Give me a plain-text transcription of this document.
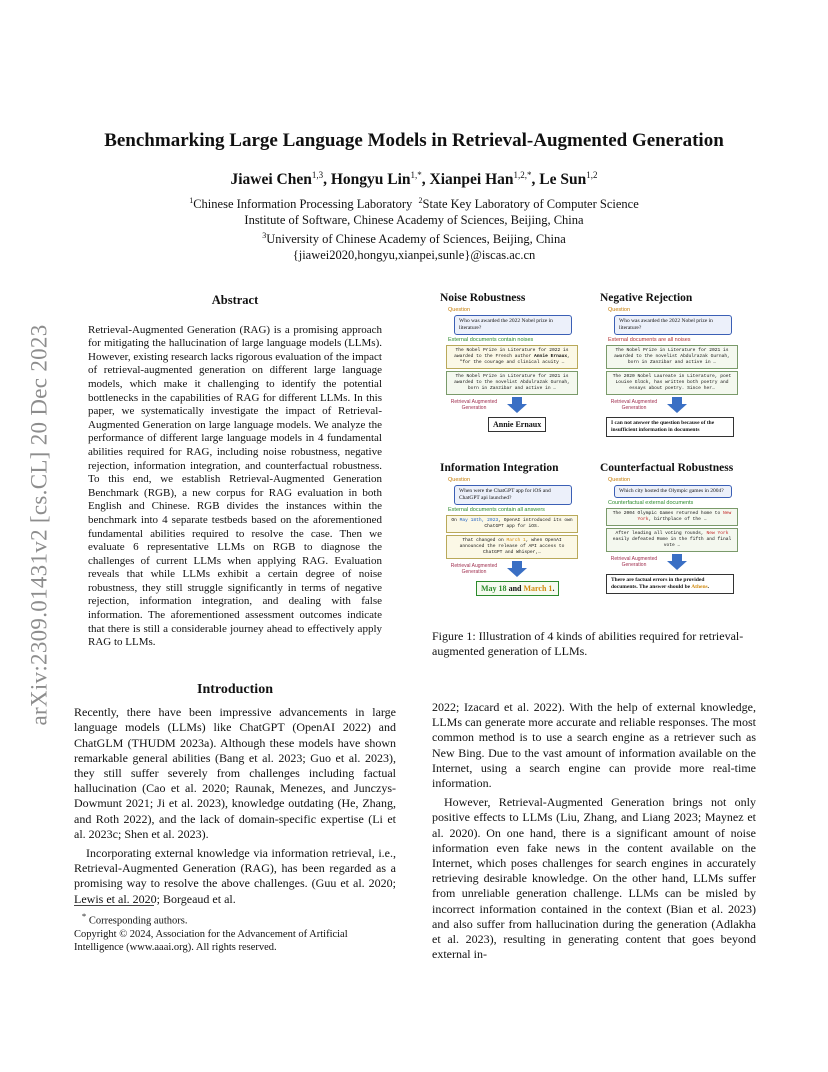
arXiv:2309.01431v2 [cs.CL] 20 Dec 2023
Benchmarking Large Language Models in Retrieval-Augmented Generation
Jiawei Chen$^{1,3}$, Hongyu Lin$^{1,*}$, Xianpei Han$^{1,2,*}$, Le Sun$^{1,2}$
$^1$Chinese Information Processing Laboratory $^2$State Key Laboratory of Computer Science
Institute of Software, Chinese Academy of Sciences, Beijing, China
$^3$University of Chinese Academy of Sciences, Beijing, China
{jiawei2020,hongyu,xianpei,sunle}@iscas.ac.cn
Abstract

Retrieval-Augmented Generation (RAG) is a promising approach for mitigating the hallucination of large language models (LLMs). However, existing research lacks rigorous evaluation of the impact of retrieval-augmented generation on different large language models, which make it challenging to identify the potential bottlenecks in the capabilities of RAG for different LLMs. In this paper, we systematically investigate the impact of Retrieval-Augmented Generation on large language models. We analyze the performance of different large language models in 4 fundamental abilities required for RAG, including noise robustness, negative rejection, information integration, and counterfactual robustness. To this end, we establish Retrieval-Augmented Generation Benchmark (RGB), a new corpus for RAG evaluation in both English and Chinese. RGB divides the instances within the benchmark into 4 separate testbeds based on the aforementioned fundamental abilities required to resolve the case. Then we evaluate 6 representative LLMs on RGB to diagnose the challenges of current LLMs when applying RAG. Evaluation reveals that while LLMs exhibit a certain degree of noise robustness, they still struggle significantly in terms of negative rejection, information integration, and dealing with false information. The aforementioned assessment outcomes indicate that there is still a considerable journey ahead to effectively apply RAG to LLMs.

Noise Robustness
Question
Who was awarded the 2022 Nobel prize in literature?
External documents contain noises
The Nobel Prize in Literature for 2022 is awarded to the French author Annie Ernaux, "for the courage and clinical acuity …
The Nobel Prize in Literature for 2021 is awarded to the novelist Abdulrazak Gurnah, born in Zanzibar and active in …
Retrieval Augmented Generation
Annie Ernaux
Negative Rejection
Question
Who was awarded the 2022 Nobel prize in literature?
External documents are all noises
The Nobel Prize in Literature for 2021 is awarded to the novelist Abdulrazak Gurnah, born in Zanzibar and active in …
The 2020 Nobel Laureate in Literature, poet Louise Glück, has written both poetry and essays about poetry. Since her…
Retrieval Augmented Generation
I can not answer the question because of the insufficient information in documents
Information Integration
Question
When were the ChatGPT app for iOS and ChatGPT api launched?
External documents contain all answers
On May 18th, 2023, OpenAI introduced its own ChatGPT app for iOS.
That changed on March 1, when OpenAI announced the release of API access to ChatGPT and Whisper,…
Retrieval Augmented Generation
May 18 and March 1.
Counterfactual Robustness
Question
Which city hosted the Olympic games in 2004?
Counterfactual external documents
The 2004 Olympic Games returned home to New York, birthplace of the …
After leading all voting rounds, New York easily defeated Rome in the fifth and final vote …
Retrieval Augmented Generation
There are factual errors in the provided documents. The answer should be Athens.
Figure 1: Illustration of 4 kinds of abilities required for retrieval-augmented generation of LLMs.
Introduction

Recently, there have been impressive advancements in large language models (LLMs) like ChatGPT (OpenAI 2022) and ChatGLM (THUDM 2023a). Although these models have shown remarkable general abilities (Bang et al. 2023; Guo et al. 2023), they still suffer severely from challenges including factual hallucination (Cao et al. 2020; Raunak, Menezes, and Junczys-Dowmunt 2021; Ji et al. 2023), knowledge outdating (He, Zhang, and Roth 2022), and the lack of domain-specific expertise (Li et al. 2023c; Shen et al. 2023).

Incorporating external knowledge via information retrieval, i.e., Retrieval-Augmented Generation (RAG), has been regarded as a promising way to resolve the above challenges. (Guu et al. 2020; Lewis et al. 2020; Borgeaud et al.

* Corresponding authors.

Copyright © 2024, Association for the Advancement of Artificial Intelligence (www.aaai.org). All rights reserved.

2022; Izacard et al. 2022). With the help of external knowledge, LLMs can generate more accurate and reliable responses. The most common method is to use a search engine as a retriever such as New Bing. Due to the vast amount of information available on the Internet, using a search engine can provide more real-time information.

However, Retrieval-Augmented Generation brings not only positive effects to LLMs (Liu, Zhang, and Liang 2023; Maynez et al. 2020). On one hand, there is a significant amount of noise information even fake news in the content available on the Internet, which poses challenges for search engines in accurately retrieving desirable knowledge. On the other hand, LLMs suffer from unreliable generation challenge. LLMs can be misled by incorrect information contained in the context (Bian et al. 2023) and also suffer from hallucination during the generation (Adlakha et al. 2023), resulting in generating content that goes beyond external in-
